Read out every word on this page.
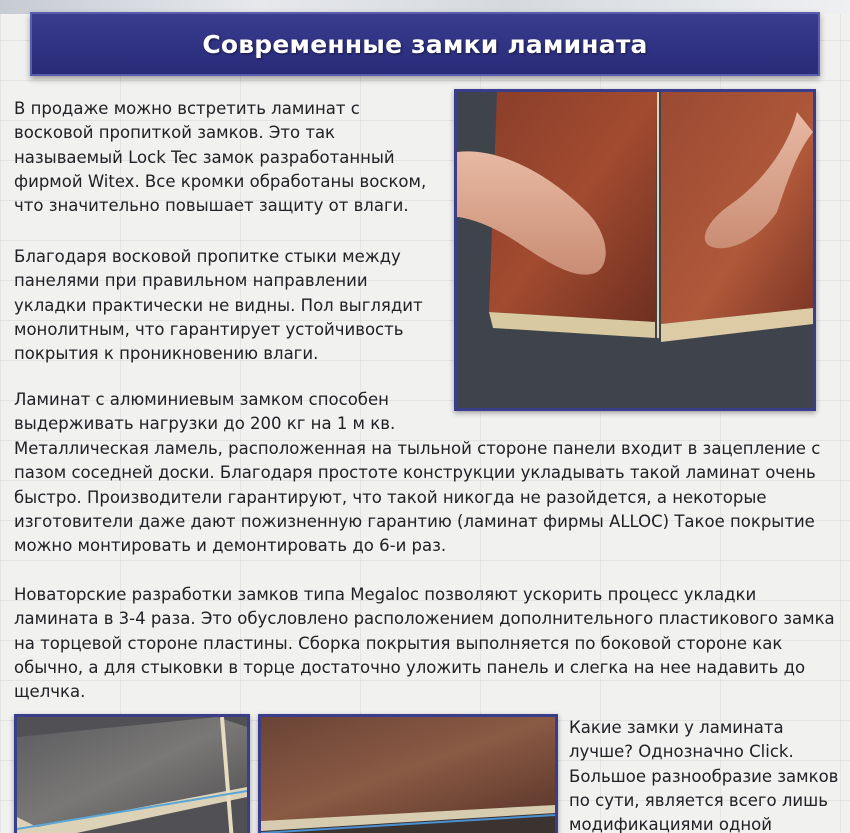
Современные замки ламината
В продаже можно встретить ламинат с восковой пропиткой замков. Это так называемый Lock Tec замок разработанный фирмой Witex. Все кромки обработаны воском, что значительно повышает защиту от влаги.
Благодаря восковой пропитке стыки между панелями при правильном направлении укладки практически не видны. Пол выглядит монолитным, что гарантирует устойчивость покрытия к проникновению влаги.
Ламинат с алюминиевым замком способен выдерживать нагрузки до 200 кг на 1 м кв.
Металлическая ламель, расположенная на тыльной стороне панели входит в зацепление с пазом соседней доски. Благодаря простоте конструкции укладывать такой ламинат очень быстро. Производители гарантируют, что такой никогда не разойдется, а некоторые изготовители даже дают пожизненную гарантию (ламинат фирмы ALLOC) Такое покрытие можно монтировать и демонтировать до 6-и раз.
Новаторские разработки замков типа Megaloc позволяют ускорить процесс укладки ламината в 3-4 раза. Это обусловлено расположением дополнительного пластикового замка на торцевой стороне пластины. Сборка покрытия выполняется по боковой стороне как обычно, а для стыковки в торце достаточно уложить панель и слегка на нее надавить до щелчка.
Какие замки у ламината лучше? Однозначно Click. Большое разнообразие замков по сути, является всего лишь модификациями одной
